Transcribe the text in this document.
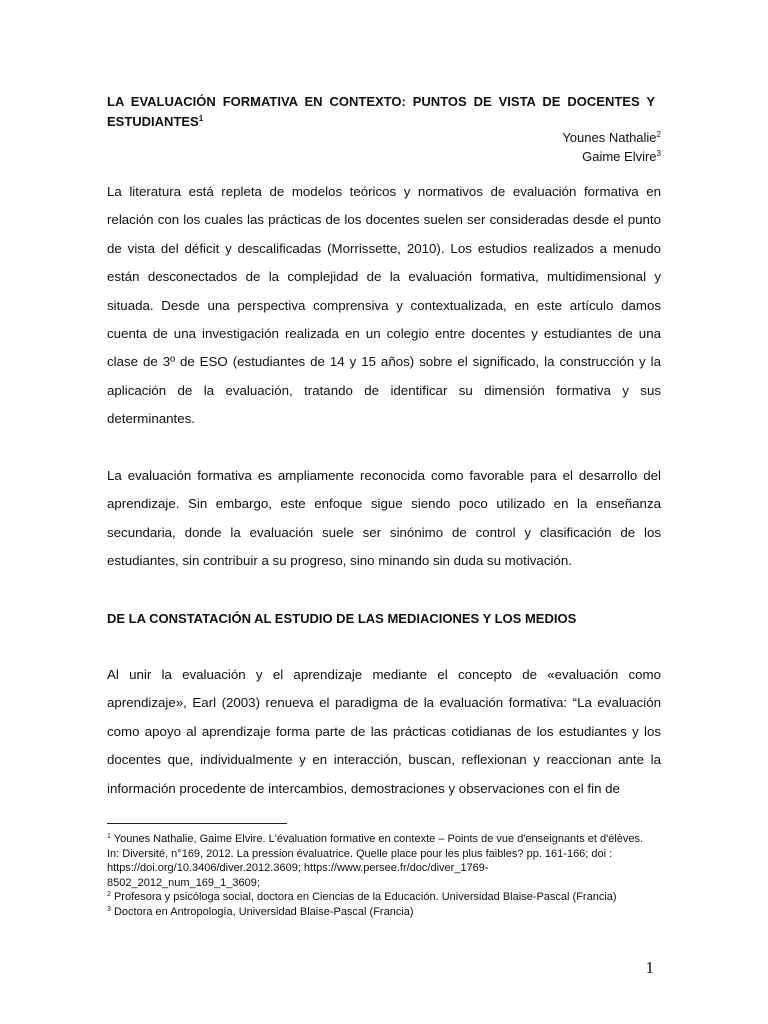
LA EVALUACIÓN FORMATIVA EN CONTEXTO: PUNTOS DE VISTA DE DOCENTES Y ESTUDIANTES$^1$
Younes Nathalie$^2$
Gaime Elvire$^3$

La literatura está repleta de modelos teóricos y normativos de evaluación formativa en relación con los cuales las prácticas de los docentes suelen ser consideradas desde el punto de vista del déficit y descalificadas (Morrissette, 2010). Los estudios realizados a menudo están desconectados de la complejidad de la evaluación formativa, multidimensional y situada. Desde una perspectiva comprensiva y contextualizada, en este artículo damos cuenta de una investigación realizada en un colegio entre docentes y estudiantes de una clase de 3º de ESO (estudiantes de 14 y 15 años) sobre el significado, la construcción y la aplicación de la evaluación, tratando de identificar su dimensión formativa y sus determinantes.

La evaluación formativa es ampliamente reconocida como favorable para el desarrollo del aprendizaje. Sin embargo, este enfoque sigue siendo poco utilizado en la enseñanza secundaria, donde la evaluación suele ser sinónimo de control y clasificación de los estudiantes, sin contribuir a su progreso, sino minando sin duda su motivación.

DE LA CONSTATACIÓN AL ESTUDIO DE LAS MEDIACIONES Y LOS MEDIOS

Al unir la evaluación y el aprendizaje mediante el concepto de «evaluación como aprendizaje», Earl (2003) renueva el paradigma de la evaluación formativa: “La evaluación como apoyo al aprendizaje forma parte de las prácticas cotidianas de los estudiantes y los docentes que, individualmente y en interacción, buscan, reflexionan y reaccionan ante la información procedente de intercambios, demostraciones y observaciones con el fin de

$^1$ Younes Nathalie, Gaime Elvire. L'évaluation formative en contexte – Points de vue d'enseignants et d'élèves.
In: Diversité, n°169, 2012. La pression évaluatrice. Quelle place pour les plus faibles? pp. 161-166; doi :
https://doi.org/10.3406/diver.2012.3609; https://www.persee.fr/doc/diver_1769-
8502_2012_num_169_1_3609;
$^2$ Profesora y psicóloga social, doctora en Ciencias de la Educación. Universidad Blaise-Pascal (Francia)
$^3$ Doctora en Antropología, Universidad Blaise-Pascal (Francia)
1
